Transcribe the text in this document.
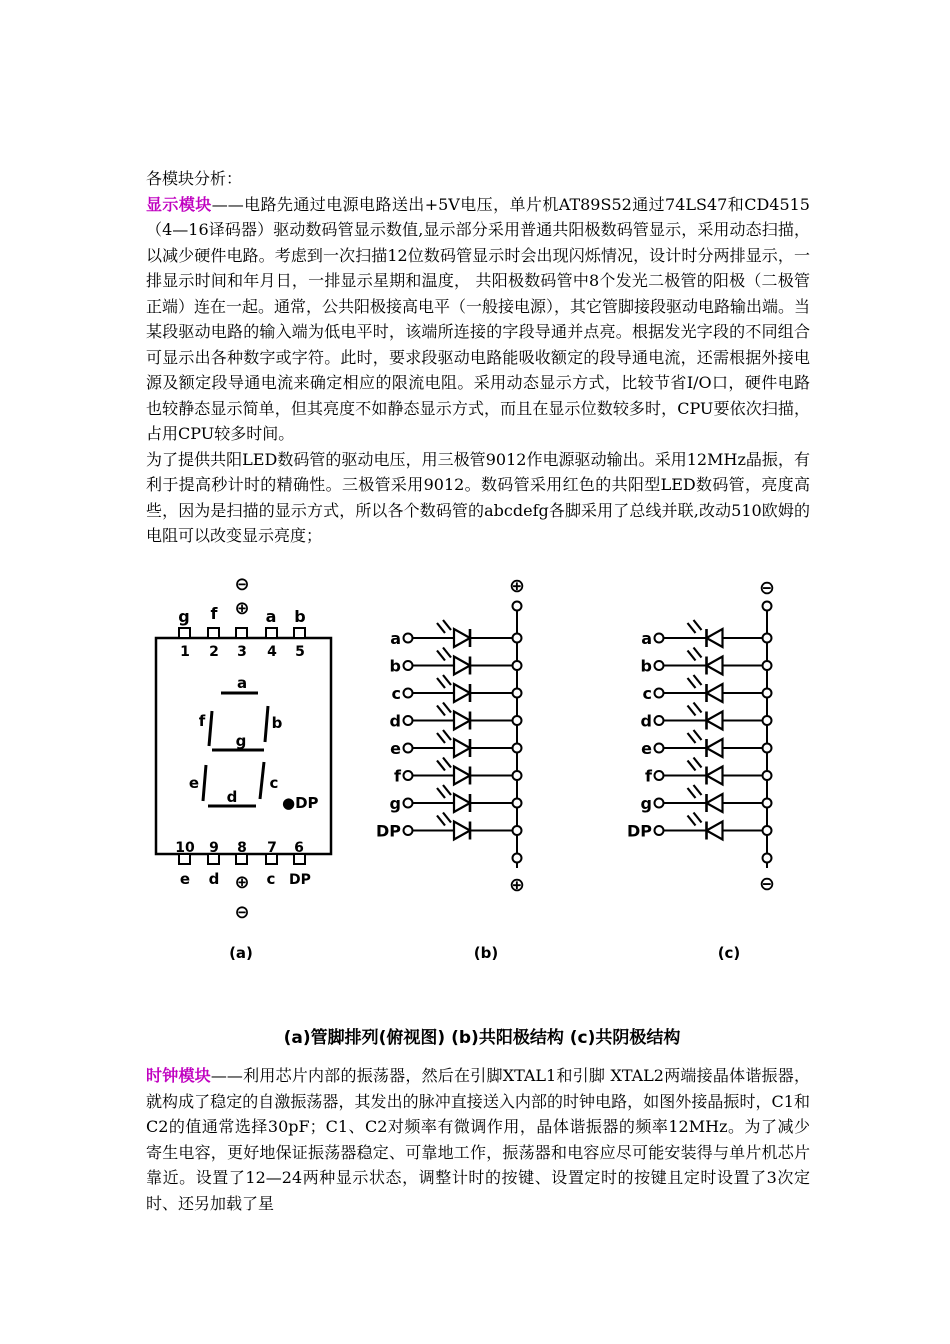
各模块分析：

显示模块——电路先通过电源电路送出+5V电压，单片机AT89S52通过74LS47和CD4515（4—16译码器）驱动数码管显示数值,显示部分采用普通共阳极数码管显示，采用动态扫描，以减少硬件电路。考虑到一次扫描12位数码管显示时会出现闪烁情况，设计时分两排显示，一排显示时间和年月日，一排显示星期和温度， 共阳极数码管中8个发光二极管的阳极（二极管正端）连在一起。通常，公共阳极接高电平（一般接电源），其它管脚接段驱动电路输出端。当某段驱动电路的输入端为低电平时，该端所连接的字段导通并点亮。根据发光字段的不同组合可显示出各种数字或字符。此时，要求段驱动电路能吸收额定的段导通电流，还需根据外接电源及额定段导通电流来确定相应的限流电阻。采用动态显示方式，比较节省I/O口，硬件电路也较静态显示简单，但其亮度不如静态显示方式，而且在显示位数较多时，CPU要依次扫描，占用CPU较多时间。

为了提供共阳LED数码管的驱动电压，用三极管9012作电源驱动输出。采用12MHz晶振，有利于提高秒计时的精确性。三极管采用9012。数码管采用红色的共阳型LED数码管，亮度高些，因为是扫描的显示方式，所以各个数码管的abcdefg各脚采用了总线并联,改动510欧姆的电阻可以改变显示亮度；

g f ⊕
⊖
a b
1 2 3 4 5
10 9 8 7 6
e d ⊕
⊖
c DP
a
f	b
g
e	c
d	●DP
(a)
⊕
⊕
a
b
c
d
e
f
g
DP
(b)
⊖
⊖
a
b
c
d
e
f
g
DP
(c)
(a)管脚排列(俯视图) (b)共阳极结构 (c)共阴极结构

时钟模块——利用芯片内部的振荡器，然后在引脚XTAL1和引脚 XTAL2两端接晶体谐振器，就构成了稳定的自激振荡器，其发出的脉冲直接送入内部的时钟电路，如图外接晶振时，C1和C2的值通常选择30pF；C1、C2对频率有微调作用，晶体谐振器的频率12MHz。为了减少寄生电容，更好地保证振荡器稳定、可靠地工作，振荡器和电容应尽可能安装得与单片机芯片靠近。设置了12—24两种显示状态，调整计时的按键、设置定时的按键且定时设置了3次定时、还另加载了星
